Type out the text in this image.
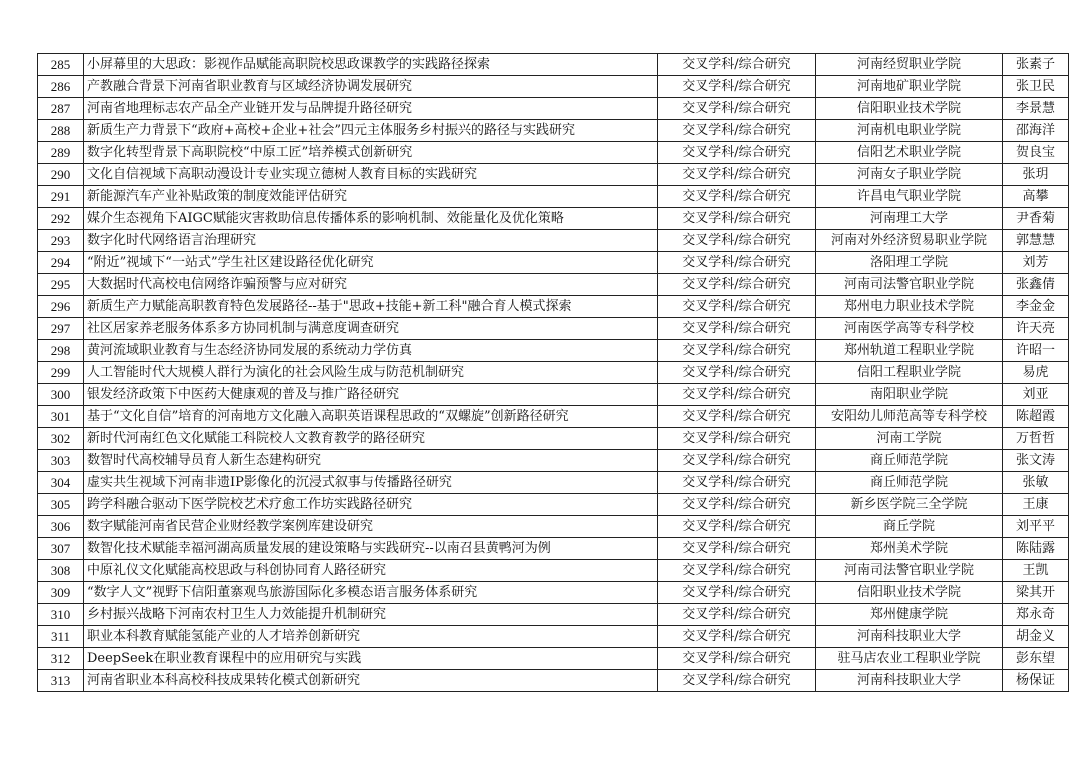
285	小屏幕里的大思政：影视作品赋能高职院校思政课教学的实践路径探索	交叉学科/综合研究	河南经贸职业学院	张素子
286	产教融合背景下河南省职业教育与区域经济协调发展研究	交叉学科/综合研究	河南地矿职业学院	张卫民
287	河南省地理标志农产品全产业链开发与品牌提升路径研究	交叉学科/综合研究	信阳职业技术学院	李景慧
288	新质生产力背景下“政府+高校+企业+社会”四元主体服务乡村振兴的路径与实践研究	交叉学科/综合研究	河南机电职业学院	邵海洋
289	数字化转型背景下高职院校“中原工匠”培养模式创新研究	交叉学科/综合研究	信阳艺术职业学院	贺良宝
290	文化自信视域下高职动漫设计专业实现立德树人教育目标的实践研究	交叉学科/综合研究	河南女子职业学院	张玥
291	新能源汽车产业补贴政策的制度效能评估研究	交叉学科/综合研究	许昌电气职业学院	高攀
292	媒介生态视角下AIGC赋能灾害救助信息传播体系的影响机制、效能量化及优化策略	交叉学科/综合研究	河南理工大学	尹香菊
293	数字化时代网络语言治理研究	交叉学科/综合研究	河南对外经济贸易职业学院	郭慧慧
294	“附近”视域下“一站式”学生社区建设路径优化研究	交叉学科/综合研究	洛阳理工学院	刘芳
295	大数据时代高校电信网络诈骗预警与应对研究	交叉学科/综合研究	河南司法警官职业学院	张鑫倩
296	新质生产力赋能高职教育特色发展路径--基于"思政+技能+新工科"融合育人模式探索	交叉学科/综合研究	郑州电力职业技术学院	李金金
297	社区居家养老服务体系多方协同机制与满意度调查研究	交叉学科/综合研究	河南医学高等专科学校	许天亮
298	黄河流域职业教育与生态经济协同发展的系统动力学仿真	交叉学科/综合研究	郑州轨道工程职业学院	许昭一
299	人工智能时代大规模人群行为演化的社会风险生成与防范机制研究	交叉学科/综合研究	信阳工程职业学院	易虎
300	银发经济政策下中医药大健康观的普及与推广路径研究	交叉学科/综合研究	南阳职业学院	刘亚
301	基于“文化自信”培育的河南地方文化融入高职英语课程思政的“双螺旋”创新路径研究	交叉学科/综合研究	安阳幼儿师范高等专科学校	陈超霞
302	新时代河南红色文化赋能工科院校人文教育教学的路径研究	交叉学科/综合研究	河南工学院	万哲哲
303	数智时代高校辅导员育人新生态建构研究	交叉学科/综合研究	商丘师范学院	张文涛
304	虚实共生视域下河南非遗IP影像化的沉浸式叙事与传播路径研究	交叉学科/综合研究	商丘师范学院	张敏
305	跨学科融合驱动下医学院校艺术疗愈工作坊实践路径研究	交叉学科/综合研究	新乡医学院三全学院	王康
306	数字赋能河南省民营企业财经教学案例库建设研究	交叉学科/综合研究	商丘学院	刘平平
307	数智化技术赋能幸福河湖高质量发展的建设策略与实践研究--以南召县黄鸭河为例	交叉学科/综合研究	郑州美术学院	陈陆露
308	中原礼仪文化赋能高校思政与科创协同育人路径研究	交叉学科/综合研究	河南司法警官职业学院	王凯
309	“数字人文”视野下信阳董寨观鸟旅游国际化多模态语言服务体系研究	交叉学科/综合研究	信阳职业技术学院	梁其开
310	乡村振兴战略下河南农村卫生人力效能提升机制研究	交叉学科/综合研究	郑州健康学院	郑永奇
311	职业本科教育赋能氢能产业的人才培养创新研究	交叉学科/综合研究	河南科技职业大学	胡金义
312	DeepSeek在职业教育课程中的应用研究与实践	交叉学科/综合研究	驻马店农业工程职业学院	彭东望
313	河南省职业本科高校科技成果转化模式创新研究	交叉学科/综合研究	河南科技职业大学	杨保证
